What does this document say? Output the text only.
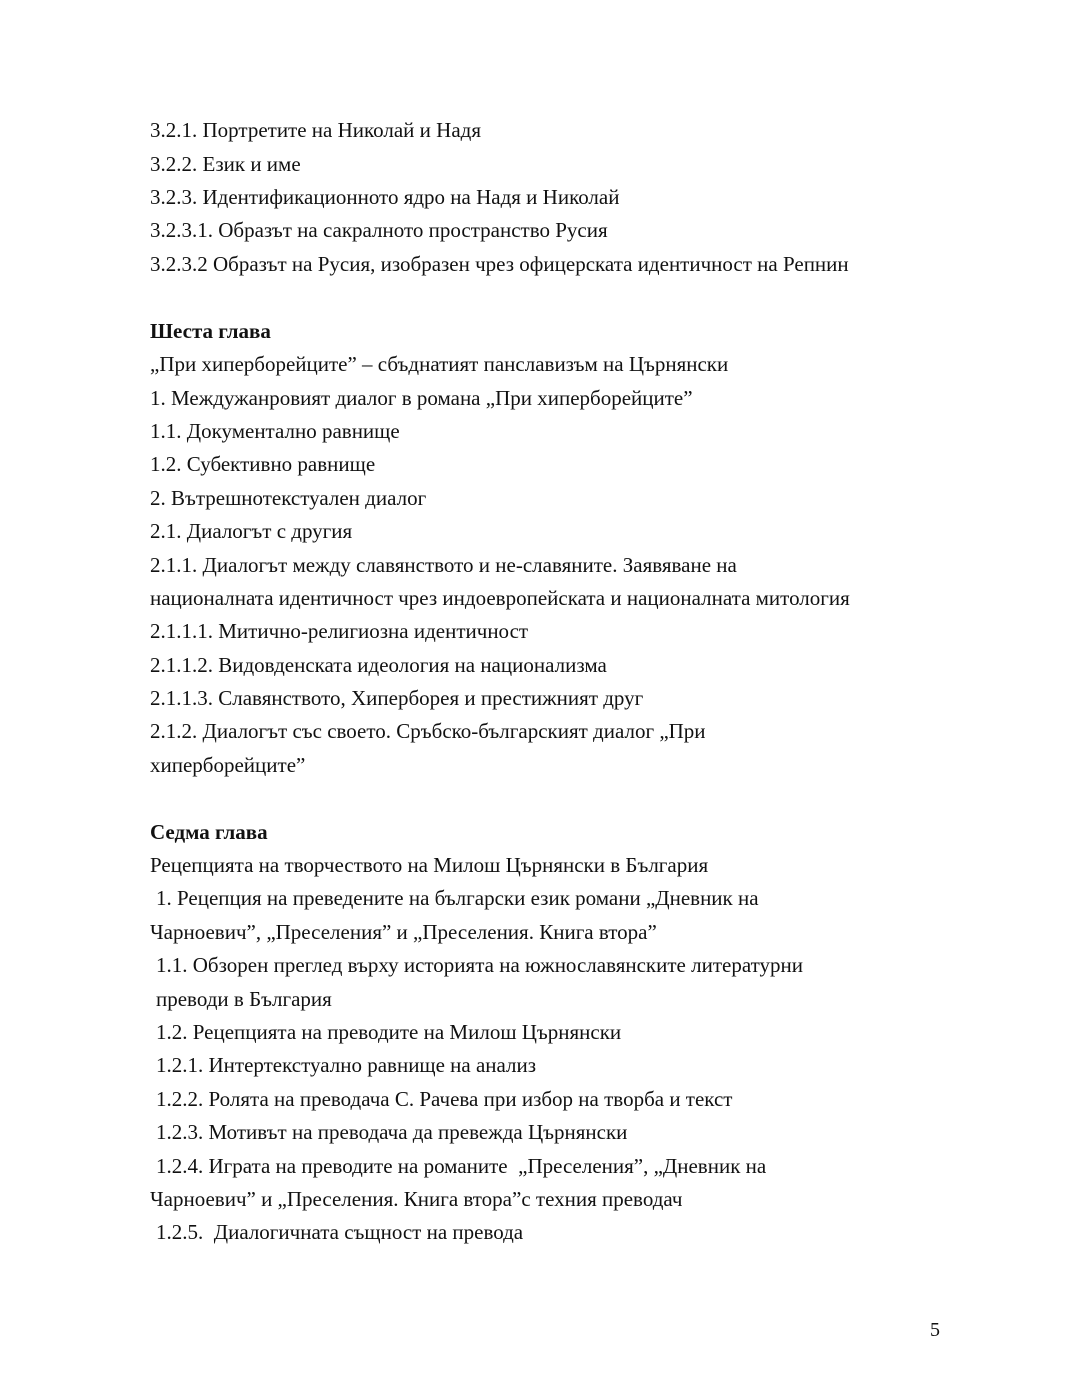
3.2.1. Портретите на Николай и Надя
3.2.2. Език и име
3.2.3. Идентификационното ядро на Надя и Николай
3.2.3.1. Образът на сакралното пространство Русия
3.2.3.2 Образът на Русия, изобразен чрез офицерската идентичност на Репнин
Шеста глава
„При хиперборейците” – сбъднатият панславизъм на Църнянски
1. Междужанровият диалог в романа „При хиперборейците”
1.1. Документално равнище
1.2. Субективно равнище
2. Вътрешнотекстуален диалог
2.1. Диалогът с другия
2.1.1. Диалогът между славянството и не-славяните. Заявяване на
националната идентичност чрез индоевропейската и националната митология
2.1.1.1. Митично-религиозна идентичност
2.1.1.2. Видовденската идеология на национализма
2.1.1.3. Славянството, Хиперборея и престижният друг
2.1.2. Диалогът със своето. Сръбско-българският диалог „При
хиперборейците”
Седма глава
Рецепцията на творчеството на Милош Църнянски в България
1. Рецепция на преведените на български език романи „Дневник на
Чарноевич”, „Преселения” и „Преселения. Книга втора”
1.1. Обзорен преглед върху историята на южнославянските литературни
преводи в България
1.2. Рецепцията на преводите на Милош Църнянски
1.2.1. Интертекстуално равнище на анализ
1.2.2. Ролята на преводача С. Рачева при избор на творба и текст
1.2.3. Мотивът на преводача да превежда Църнянски
1.2.4. Играта на преводите на романите  „Преселения”, „Дневник на
Чарноевич” и „Преселения. Книга втора”с техния преводач
1.2.5.  Диалогичната същност на превода
5
